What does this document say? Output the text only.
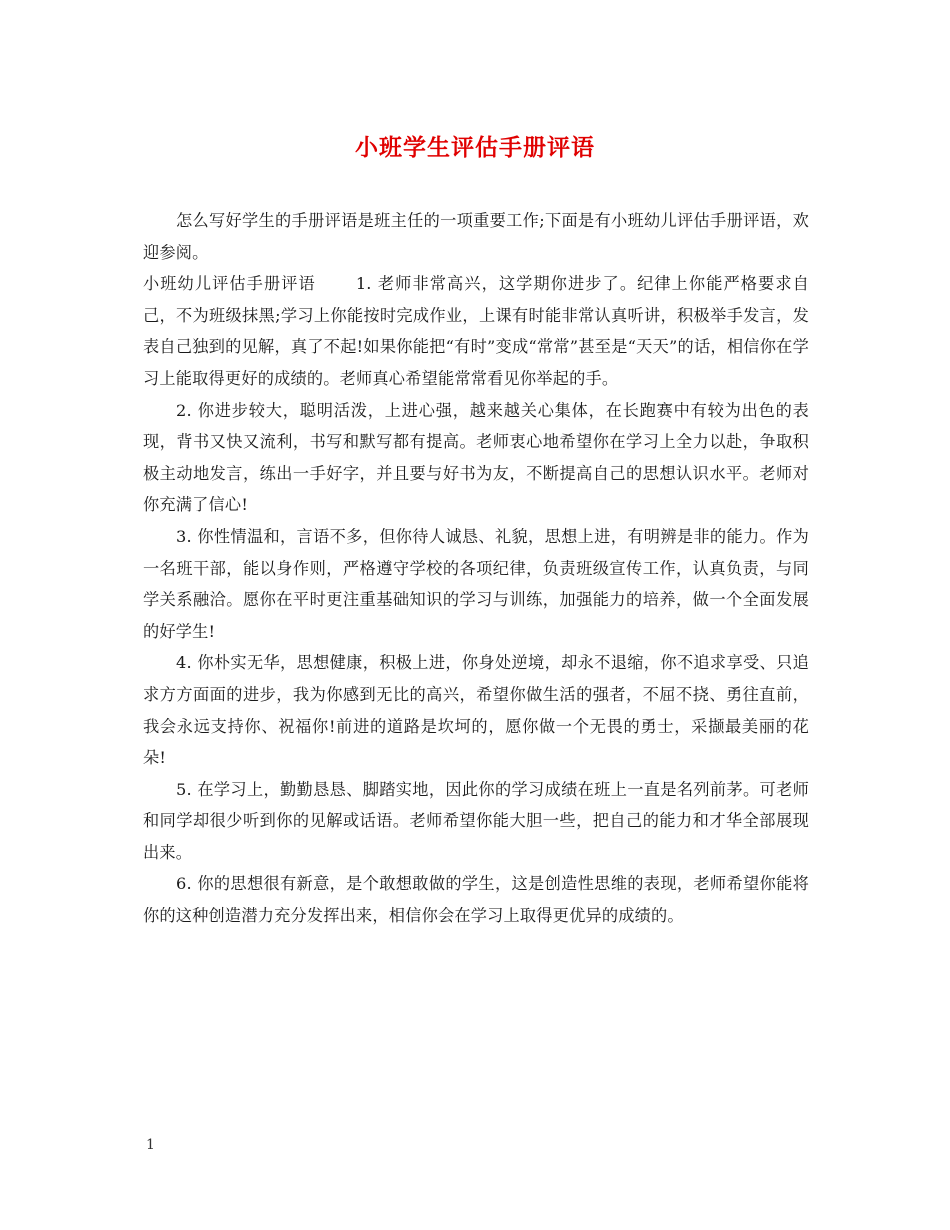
小班学生评估手册评语

怎么写好学生的手册评语是班主任的一项重要工作;下面是有小班幼儿评估手册评语，欢迎参阅。

小班幼儿评估手册评语 1. 老师非常高兴，这学期你进步了。纪律上你能严格要求自己，不为班级抹黑;学习上你能按时完成作业，上课有时能非常认真听讲，积极举手发言，发表自己独到的见解，真了不起!如果你能把“有时”变成“常常”甚至是“天天”的话，相信你在学习上能取得更好的成绩的。老师真心希望能常常看见你举起的手。

2. 你进步较大，聪明活泼，上进心强，越来越关心集体，在长跑赛中有较为出色的表现，背书又快又流利，书写和默写都有提高。老师衷心地希望你在学习上全力以赴，争取积极主动地发言，练出一手好字，并且要与好书为友，不断提高自己的思想认识水平。老师对你充满了信心!

3. 你性情温和，言语不多，但你待人诚恳、礼貌，思想上进，有明辨是非的能力。作为一名班干部，能以身作则，严格遵守学校的各项纪律，负责班级宣传工作，认真负责，与同学关系融洽。愿你在平时更注重基础知识的学习与训练，加强能力的培养，做一个全面发展的好学生!

4. 你朴实无华，思想健康，积极上进，你身处逆境，却永不退缩，你不追求享受、只追求方方面面的进步，我为你感到无比的高兴，希望你做生活的强者，不屈不挠、勇往直前，我会永远支持你、祝福你!前进的道路是坎坷的，愿你做一个无畏的勇士，采撷最美丽的花朵!

5. 在学习上，勤勤恳恳、脚踏实地，因此你的学习成绩在班上一直是名列前茅。可老师和同学却很少听到你的见解或话语。老师希望你能大胆一些，把自己的能力和才华全部展现出来。

6. 你的思想很有新意，是个敢想敢做的学生，这是创造性思维的表现，老师希望你能将你的这种创造潜力充分发挥出来，相信你会在学习上取得更优异的成绩的。

1
